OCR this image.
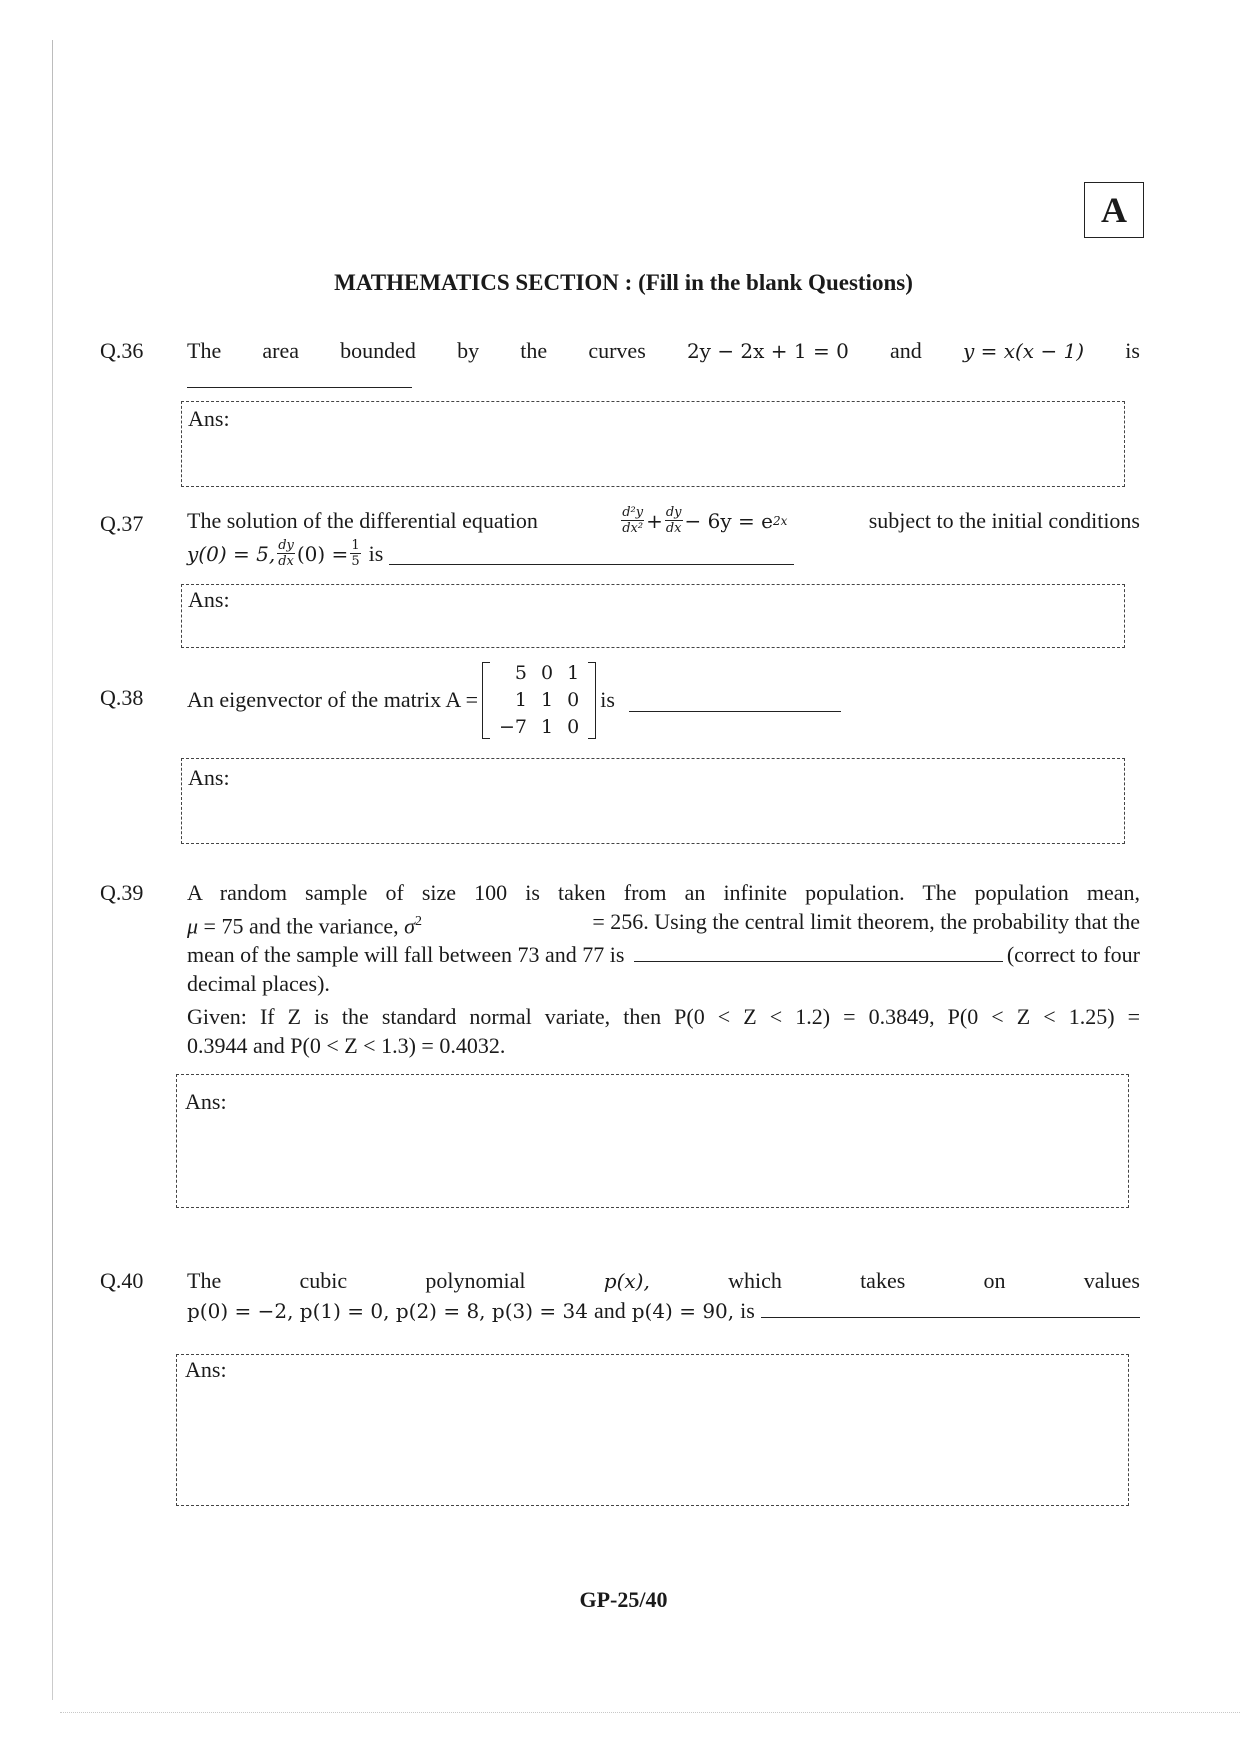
A
MATHEMATICS SECTION : (Fill in the blank Questions)
Q.36 The area bounded by the curves 2y − 2x + 1 = 0 and y = x(x − 1) is
Ans:
Q.37 The solution of the differential equation	$\frac{\text{d²y}}{\text{dx²}} + \frac{dy}{dx} - 6y = e$ 2x	subject to the initial conditions
y(0) = 5, $\frac{dy}{dx} (0) = \frac{1}{5}$ is
Ans:
Q.38 An eigenvector of the matrix A =
5	0	1
1	1	0
−7	1	0
is
Ans:
Q.39 A random sample of size 100 is taken from an infinite population. The population mean,
μ = 75 and the variance, $\sigma^2$	= 256. Using the central limit theorem, the probability that the
mean of the sample will fall between 73 and 77 is	(correct to four
decimal places).
Given: If Z is the standard normal variate, then P(0 < Z < 1.2) = 0.3849, P(0 < Z < 1.25) =
0.3944 and P(0 < Z < 1.3) = 0.4032.
Ans:
Q.40 The	cubic	polynomial	p(x),	which	takes	on	values
p(0) = −2, p(1) = 0, p(2) = 8, p(3) = 34 and p(4) = 90, is
Ans:
GP-25/40
